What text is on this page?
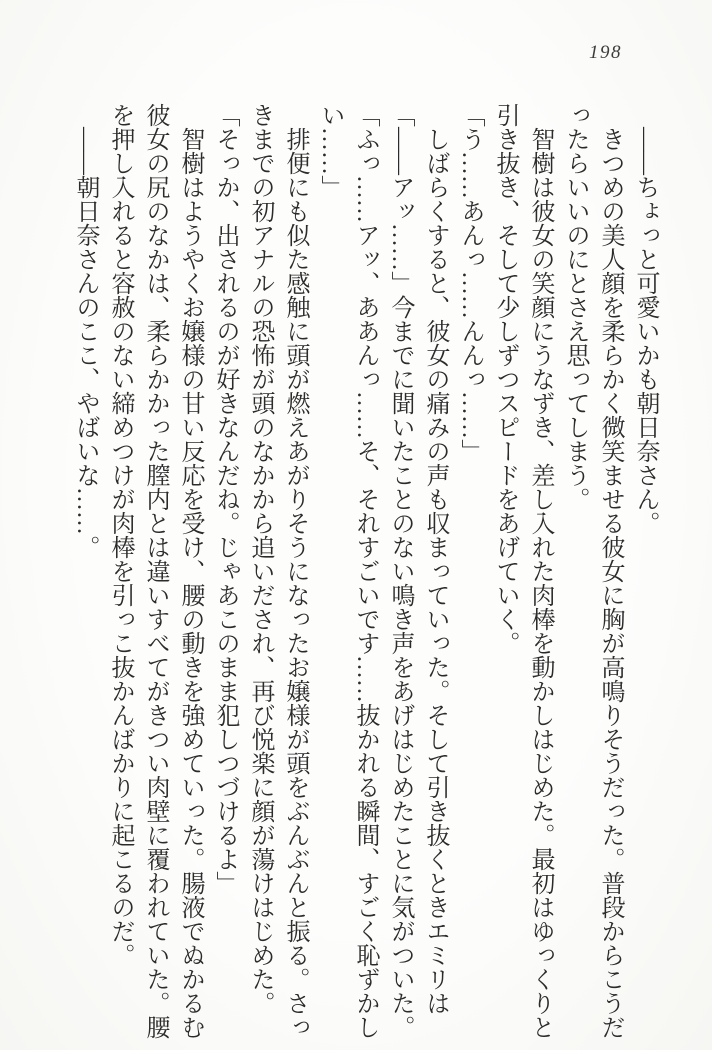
198

——ちょっと可愛いかも朝日奈さん。

きつめの美人顔を柔らかく微笑ませる彼女に胸が高鳴りそうだった。普段からこうだったらいいのにとさえ思ってしまう。

智樹は彼女の笑顔にうなずき、差し入れた肉棒を動かしはじめた。最初はゆっくりと引き抜き、そして少しずつスピードをあげていく。

「う……あんっ……んんっ……」

しばらくすると、彼女の痛みの声も収まっていった。そして引き抜くときエミリは「——アッ……」今までに聞いたことのない鳴き声をあげはじめたことに気がついた。

「ふっ……アッ、ああんっ……そ、それすごいです……抜かれる瞬間、すごく恥ずかしい……」

排便にも似た感触に頭が燃えあがりそうになったお嬢様が頭をぶんぶんと振る。さっきまでの初アナルの恐怖が頭のなかから追いだされ、再び悦楽に顔が蕩けはじめた。

「そっか、出されるのが好きなんだね。じゃあこのまま犯しつづけるよ」

智樹はようやくお嬢様の甘い反応を受け、腰の動きを強めていった。腸液でぬかるむ彼女の尻のなかは、柔らかかった膣内とは違いすべてがきつい肉壁に覆われていた。腰を押し入れると容赦のない締めつけが肉棒を引っこ抜かんばかりに起こるのだ。

——朝日奈さんのここ、やばいな……。
